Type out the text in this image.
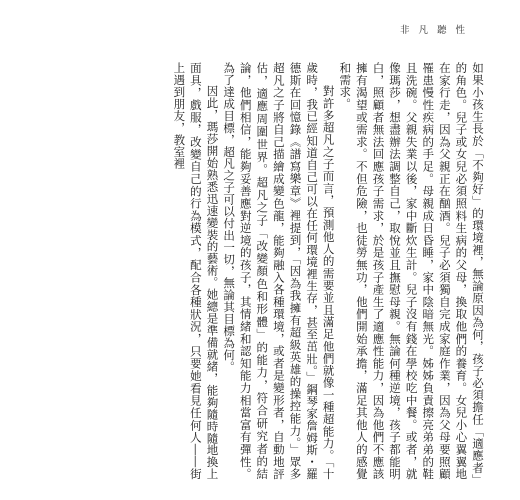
非 凡 聽 性

如果小孩生長於「不夠好」的環境裡，無論原因為何，孩子必須擔任「適應者」的角色。兒子或女兒必須照料生病的父母，換取他們的養育。女兒小心翼翼地在家行走，因為父親正在酗酒。兒子必須獨自完成家庭作業，因為父母要照顧罹患慢性疾病的手足。母親成日昏睡，家中陰暗無光。姊姊負責擦亮弟弟的鞋且洗碗。父親失業以後，家中斷炊生計。兒子沒有錢在學校吃中餐。或者，就像瑪莎，想盡辦法調整自己，取悅並且撫慰母親。無論何種逆境，孩子都能明白，照顧者無法回應孩子需求，於是孩子產生了適應性能力，因為他們不應該擁有渴望或需求。不但危險，也徒勞無功，他們開始承擔，滿足其他人的感覺和需求。

對許多超凡之子而言，預測他人的需要並且滿足他們就像一種超能力。「十歲時，我已經知道自己可以在任何環境裡生存，甚至茁壯。」鋼琴家詹姆斯・羅德斯在回憶錄《譜寫樂章》裡提到，「因為我擁有超級英雄的操控能力。」眾多超凡之子將自己描繪成變色龍，能夠融入各種環境，或者是變形者，自動地評估，適應周圍世界。超凡之子「改變顏色和形體」的能力，符合研究者的結論，他們相信，能夠妥善應對逆境的孩子，其情緒和認知能力相當富有彈性。為了達成目標，超凡之子可以付出一切，無論其目標為何。

因此，瑪莎開始熟悉迅速變裝的藝術。她總是準備就緒，能夠隨時隨地換上面具，戲服，改變自己的行為模式，配合各種狀況，只要她看見任何人――街上遇到朋友，教室裡
